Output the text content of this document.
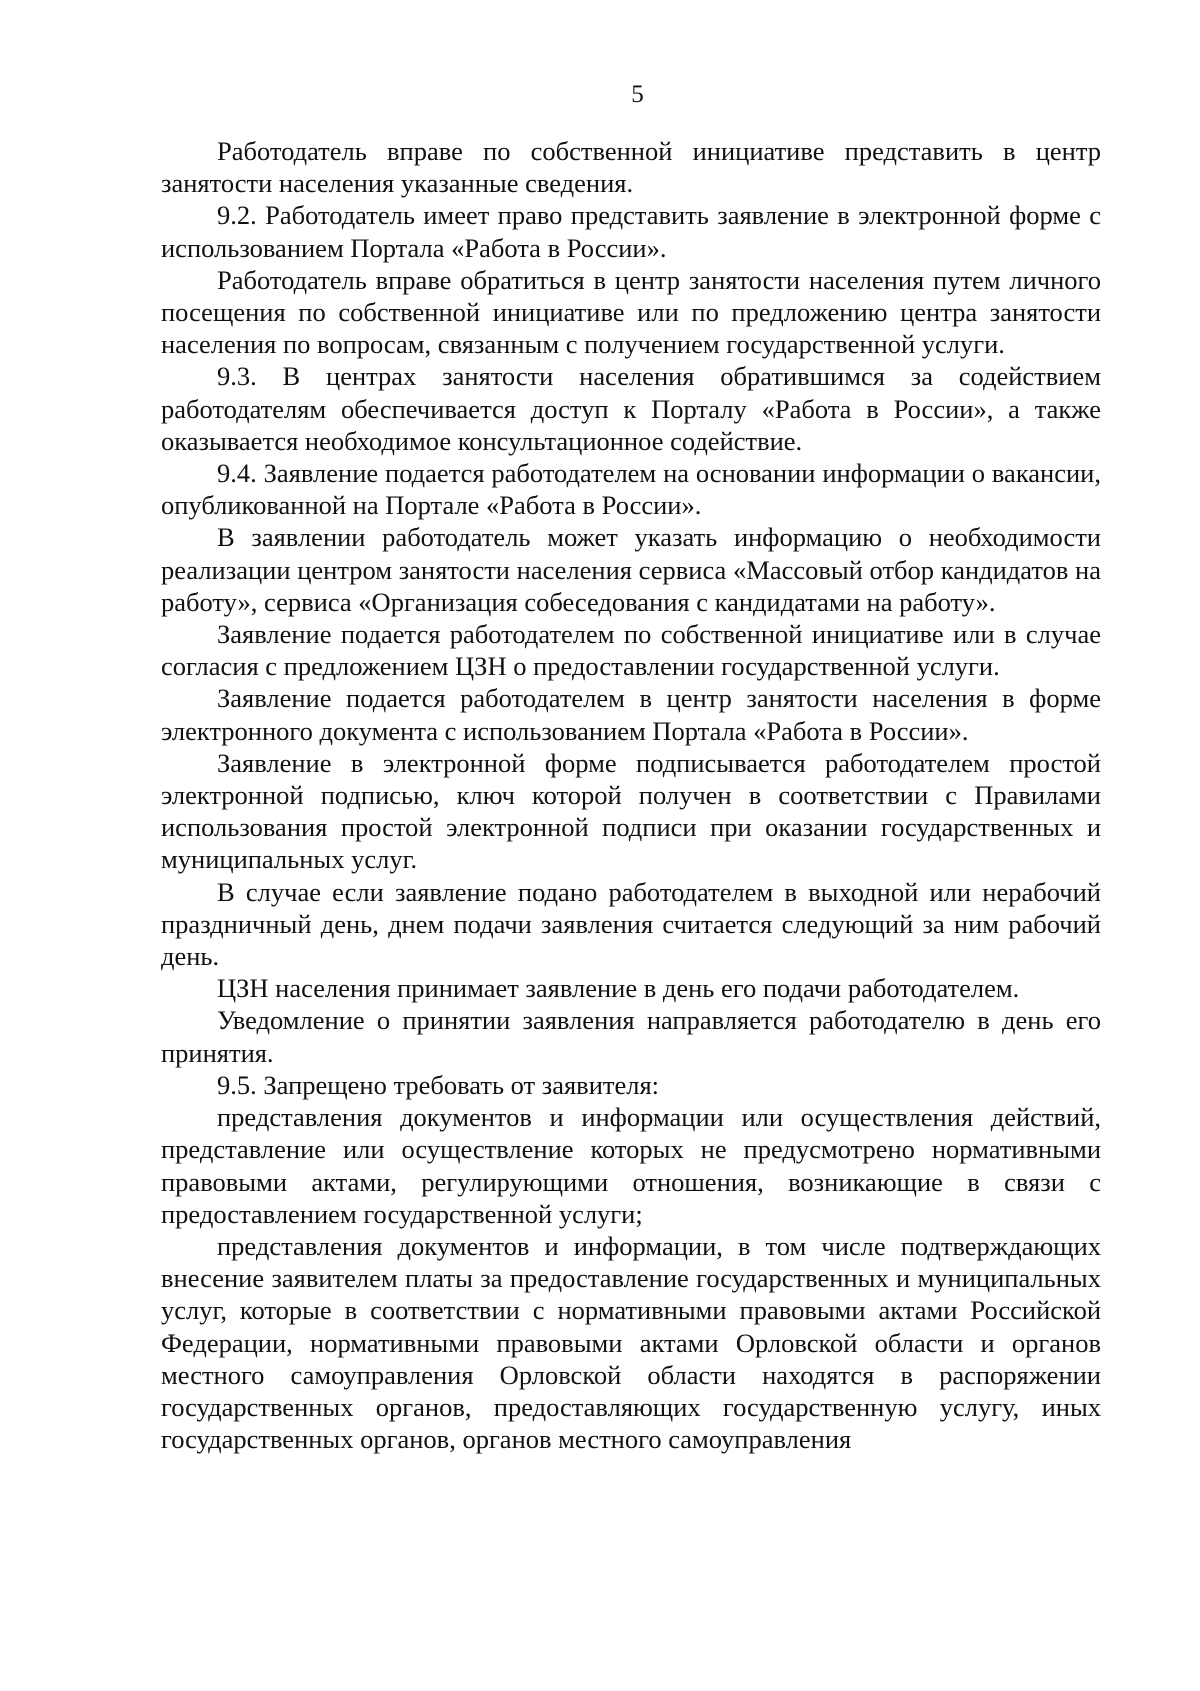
5

Работодатель вправе по собственной инициативе представить в центр занятости населения указанные сведения.

9.2. Работодатель имеет право представить заявление в электронной форме с использованием Портала «Работа в России».

Работодатель вправе обратиться в центр занятости населения путем личного посещения по собственной инициативе или по предложению центра занятости населения по вопросам, связанным с получением государственной услуги.

9.3. В центрах занятости населения обратившимся за содействием работодателям обеспечивается доступ к Порталу «Работа в России», а также оказывается необходимое консультационное содействие.

9.4. Заявление подается работодателем на основании информации о вакансии, опубликованной на Портале «Работа в России».

В заявлении работодатель может указать информацию о необходимости реализации центром занятости населения сервиса «Массовый отбор кандидатов на работу», сервиса «Организация собеседования с кандидатами на работу».

Заявление подается работодателем по собственной инициативе или в случае согласия с предложением ЦЗН о предоставлении государственной услуги.

Заявление подается работодателем в центр занятости населения в форме электронного документа с использованием Портала «Работа в России».

Заявление в электронной форме подписывается работодателем простой электронной подписью, ключ которой получен в соответствии с Правилами использования простой электронной подписи при оказании государственных и муниципальных услуг.

В случае если заявление подано работодателем в выходной или нерабочий праздничный день, днем подачи заявления считается следующий за ним рабочий день.

ЦЗН населения принимает заявление в день его подачи работодателем.

Уведомление о принятии заявления направляется работодателю в день его принятия.

9.5. Запрещено требовать от заявителя:

представления документов и информации или осуществления действий, представление или осуществление которых не предусмотрено нормативными правовыми актами, регулирующими отношения, возникающие в связи с предоставлением государственной услуги;

представления документов и информации, в том числе подтверждающих внесение заявителем платы за предоставление государственных и муниципальных услуг, которые в соответствии с нормативными правовыми актами Российской Федерации, нормативными правовыми актами Орловской области и органов местного самоуправления Орловской области находятся в распоряжении государственных органов, предоставляющих государственную услугу, иных государственных органов, органов местного самоуправления
